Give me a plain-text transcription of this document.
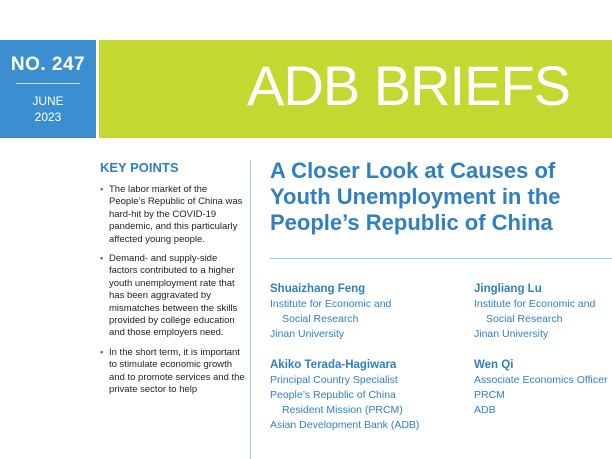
NO. 247
JUNE
2023	ADB BRIEFS
KEY POINTS
• The labor market of the People’s Republic of China was hard-hit by the COVID-19 pandemic, and this particularly affected young people.
• Demand- and supply-side factors contributed to a higher youth unemployment rate that has been aggravated by mismatches between the skills provided by college education and those employers need.
• In the short term, it is important to stimulate economic growth and to promote services and the private sector to help
A Closer Look at Causes of Youth Unemployment in the People’s Republic of China
Shuaizhang Feng
Institute for Economic and
Social Research
Jinan University
Jingliang Lu
Institute for Economic and
Social Research
Jinan University
Akiko Terada-Hagiwara
Principal Country Specialist
People’s Republic of China
Resident Mission (PRCM)
Asian Development Bank (ADB)
Wen Qi
Associate Economics Officer
PRCM
ADB
